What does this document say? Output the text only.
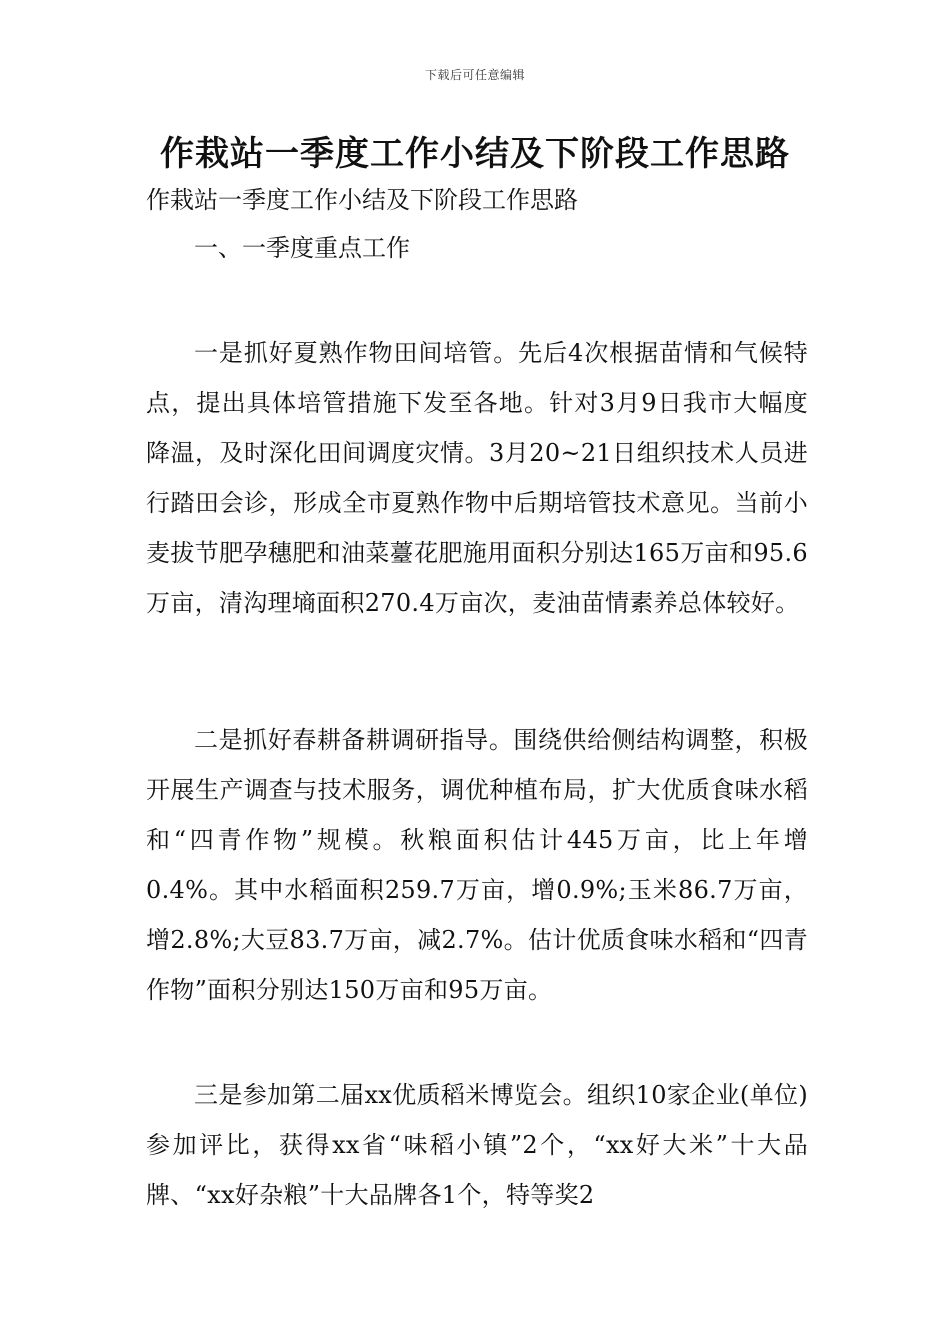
下载后可任意编辑
作栽站一季度工作小结及下阶段工作思路

作栽站一季度工作小结及下阶段工作思路

一、一季度重点工作

一是抓好夏熟作物田间培管。先后4次根据苗情和气候特点，提出具体培管措施下发至各地。针对3月9日我市大幅度降温，及时深化田间调度灾情。3月20~21日组织技术人员进行踏田会诊，形成全市夏熟作物中后期培管技术意见。当前小麦拔节肥孕穗肥和油菜薹花肥施用面积分别达165万亩和95.6万亩，清沟理墒面积270.4万亩次，麦油苗情素养总体较好。

二是抓好春耕备耕调研指导。围绕供给侧结构调整，积极开展生产调查与技术服务，调优种植布局，扩大优质食味水稻和“四青作物”规模。秋粮面积估计445万亩，比上年增0.4%。其中水稻面积259.7万亩，增0.9%;玉米86.7万亩，增2.8%;大豆83.7万亩，减2.7%。估计优质食味水稻和“四青作物”面积分别达150万亩和95万亩。

三是参加第二届xx优质稻米博览会。组织10家企业(单位)参加评比，获得xx省“味稻小镇”2个，“xx好大米”十大品牌、“xx好杂粮”十大品牌各1个，特等奖2
